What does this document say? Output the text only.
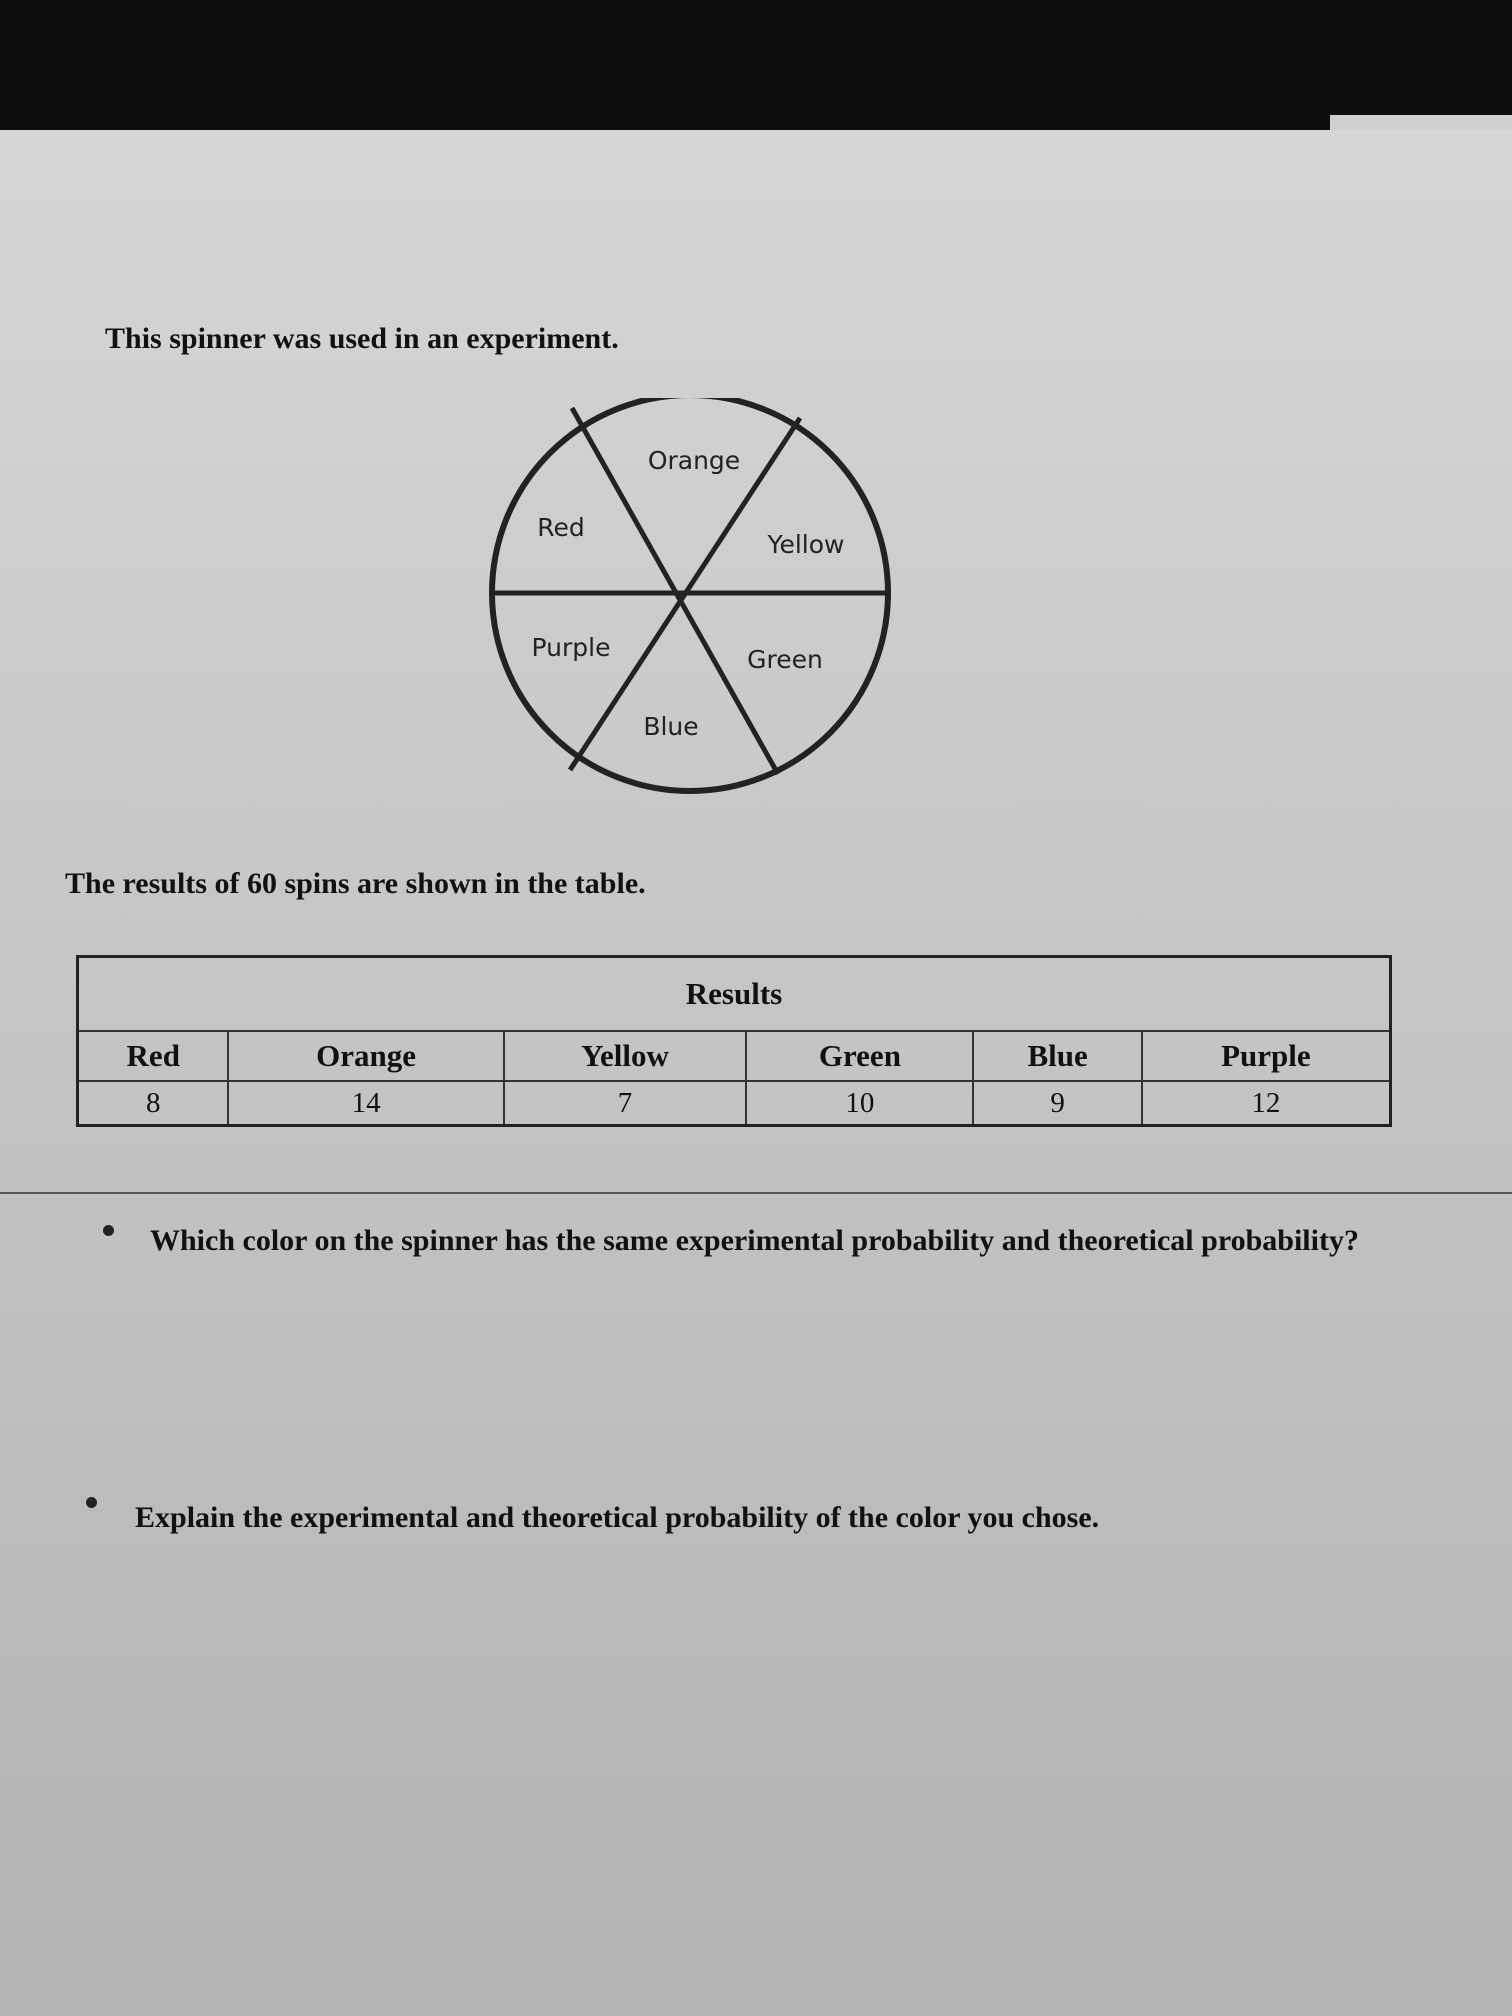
This spinner was used in an experiment.

Orange
Yellow
Green
Blue
Purple
Red

The results of 60 spins are shown in the table.

Results					
Red	Orange	Yellow	Green	Blue	Purple
8	14	7	10	9	12

Which color on the spinner has the same experimental probability and theoretical probability?

Explain the experimental and theoretical probability of the color you chose.
